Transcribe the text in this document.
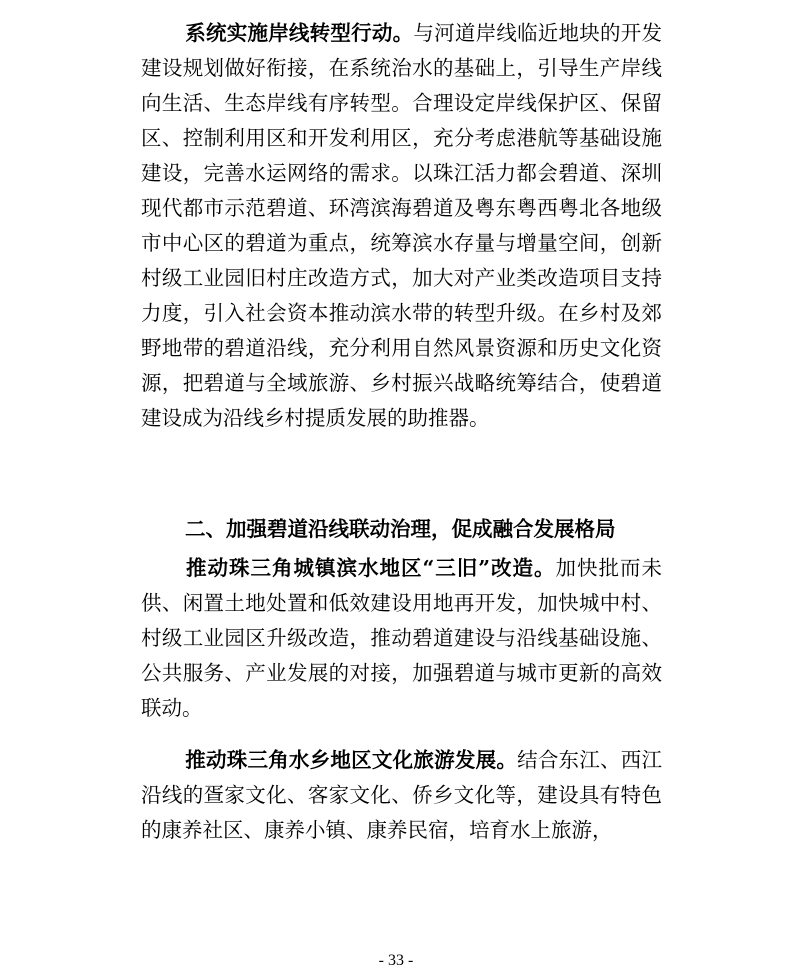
系统实施岸线转型行动。与河道岸线临近地块的开发建设规划做好衔接，在系统治水的基础上，引导生产岸线向生活、生态岸线有序转型。合理设定岸线保护区、保留区、控制利用区和开发利用区，充分考虑港航等基础设施建设，完善水运网络的需求。以珠江活力都会碧道、深圳现代都市示范碧道、环湾滨海碧道及粤东粤西粤北各地级市中心区的碧道为重点，统筹滨水存量与增量空间，创新村级工业园旧村庄改造方式，加大对产业类改造项目支持力度，引入社会资本推动滨水带的转型升级。在乡村及郊野地带的碧道沿线，充分利用自然风景资源和历史文化资源，把碧道与全域旅游、乡村振兴战略统筹结合，使碧道建设成为沿线乡村提质发展的助推器。

二、加强碧道沿线联动治理，促成融合发展格局

推动珠三角城镇滨水地区“三旧”改造。加快批而未供、闲置土地处置和低效建设用地再开发，加快城中村、村级工业园区升级改造，推动碧道建设与沿线基础设施、公共服务、产业发展的对接，加强碧道与城市更新的高效联动。

推动珠三角水乡地区文化旅游发展。结合东江、西江沿线的疍家文化、客家文化、侨乡文化等，建设具有特色的康养社区、康养小镇、康养民宿，培育水上旅游，

- 33 -
